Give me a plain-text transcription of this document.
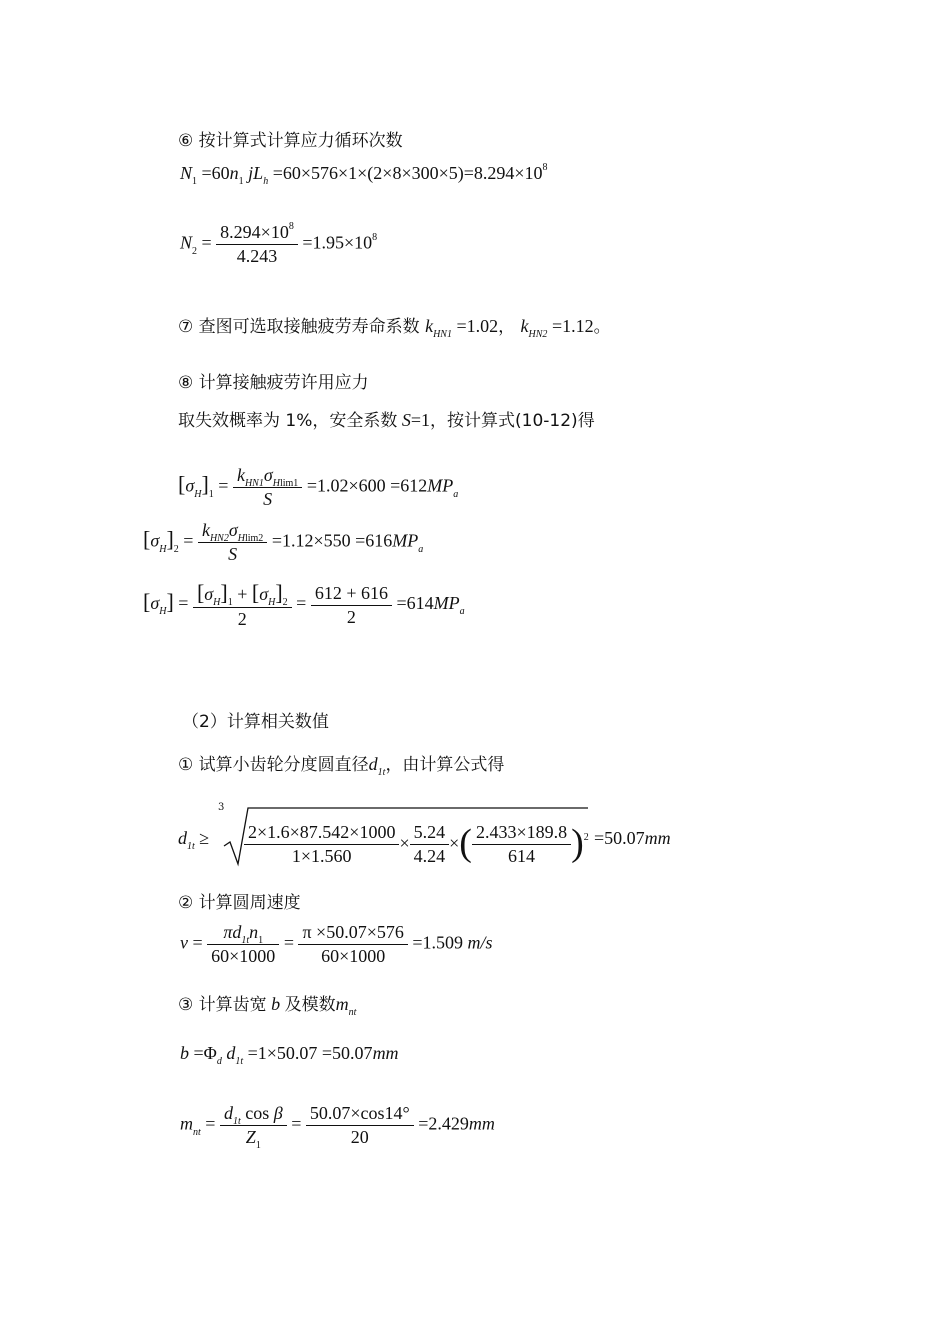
⑥ 按计算式计算应力循环次数
$N_1 =60n_1$ $jL_h =60\times 576\times 1\times(2\times 8\times 300\times 5)=8.294\times 10^8$
$N_2 = \frac{8.294\times 10^8}{4.243} =1.95\times 10^8$
⑦ 查图可选取接触疲劳寿命系数 $k_{HN1} =1.02$， $k_{HN2} =1.12$。
⑧ 计算接触疲劳许用应力
取失效概率为 1%，安全系数 S=1，按计算式(10-12)得
$[\sigma_H]_1 = \frac{k_{HN1}\sigma_{Hlim1}}{S} =1.02\times 600 =612MP_a$
$[\sigma_H]_2 = \frac{k_{HN2}\sigma_{Hlim2}}{S} =1.12\times 550 =616MP_a$
$[\sigma_H] = \frac{[\sigma_H]_1 + [\sigma_H]_2}{2} = \frac{612 + 616}{2} =614MP_a$
（2）计算相关数值
① 试算小齿轮分度圆直径$d_{1t}$，由计算公式得
$d_{1t}$ ≥
3
$\frac{2\times 1.6\times 87.542\times 1000}{1\times 1.560} \times \frac{5.24}{4.24}$ ×( $\frac{2.433\times 189.8}{614} )^2 =50.07mm$
② 计算圆周速度
$v = \frac{\pi d_{1t}n_1}{60\times 1000} = \frac{\pi \times 50.07\times 576}{60\times 1000} =1.509$ m/s
③ 计算齿宽 b 及模数$m_{nt}$
$b =\Phi_d$ $d_{1t} =1\times 50.07 =50.07mm$
$m_{nt} = \frac{d_{1t} \cos \beta}{Z_1} = \frac{50.07\times\cos 14^\circ}{20} =2.429mm$
